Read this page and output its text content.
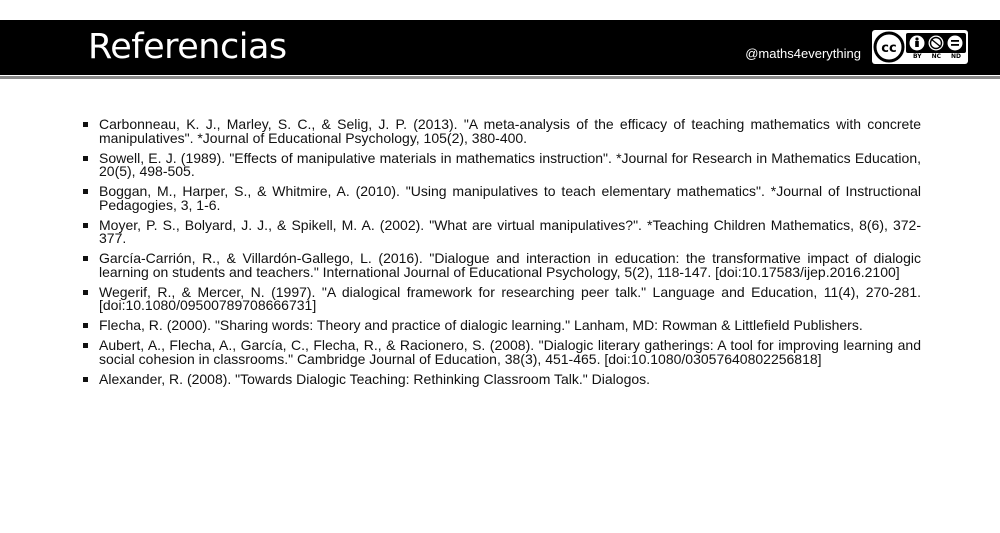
Referencias	@maths4everything cc
BY NC ND
Carbonneau, K. J., Marley, S. C., & Selig, J. P. (2013). "A meta-analysis of the efficacy of teaching mathematics with concrete manipulatives". *Journal of Educational Psychology, 105(2), 380-400.
Sowell, E. J. (1989). "Effects of manipulative materials in mathematics instruction". *Journal for Research in Mathematics Education, 20(5), 498-505.
Boggan, M., Harper, S., & Whitmire, A. (2010). "Using manipulatives to teach elementary mathematics". *Journal of Instructional Pedagogies, 3, 1-6.
Moyer, P. S., Bolyard, J. J., & Spikell, M. A. (2002). "What are virtual manipulatives?". *Teaching Children Mathematics, 8(6), 372-377.
García-Carrión, R., & Villardón-Gallego, L. (2016). "Dialogue and interaction in education: the transformative impact of dialogic learning on students and teachers." International Journal of Educational Psychology, 5(2), 118-147. [doi:10.17583/ijep.2016.2100]
Wegerif, R., & Mercer, N. (1997). "A dialogical framework for researching peer talk." Language and Education, 11(4), 270-281. [doi:10.1080/09500789708666731]
Flecha, R. (2000). "Sharing words: Theory and practice of dialogic learning." Lanham, MD: Rowman & Littlefield Publishers.
Aubert, A., Flecha, A., García, C., Flecha, R., & Racionero, S. (2008). "Dialogic literary gatherings: A tool for improving learning and social cohesion in classrooms." Cambridge Journal of Education, 38(3), 451-465. [doi:10.1080/03057640802256818]
Alexander, R. (2008). "Towards Dialogic Teaching: Rethinking Classroom Talk." Dialogos.
